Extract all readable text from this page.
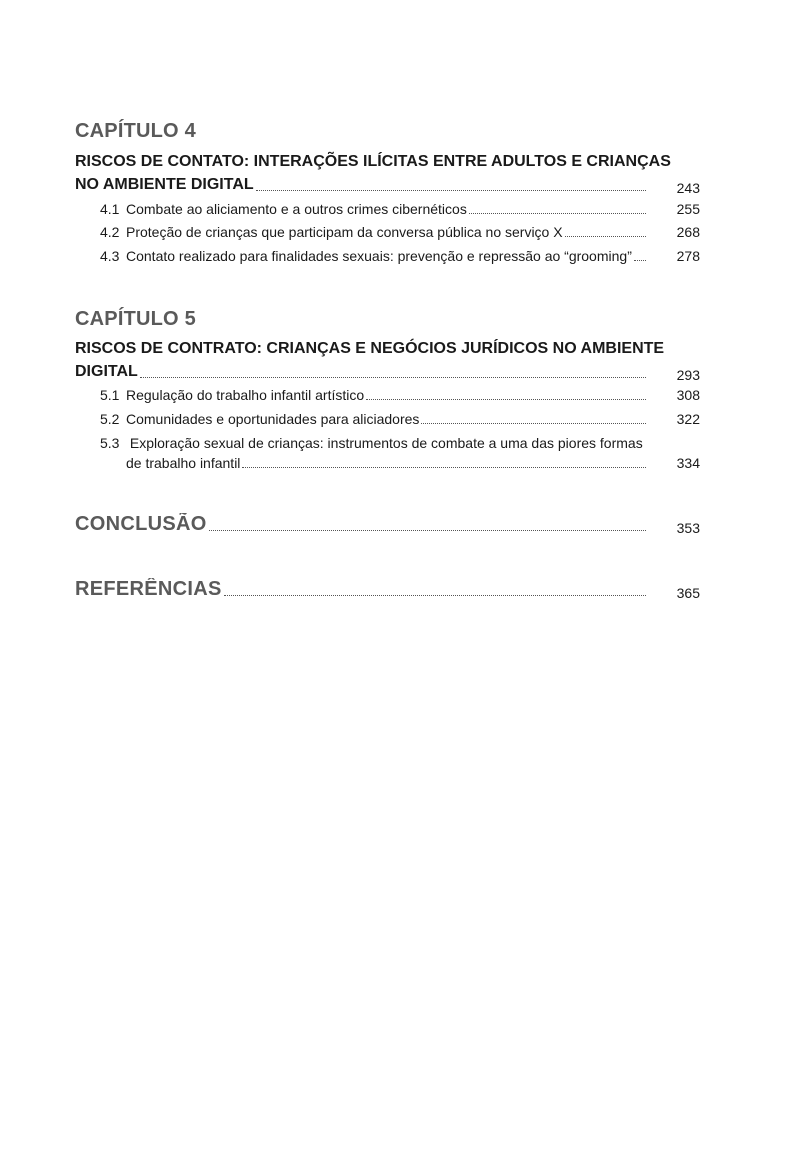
CAPÍTULO 4
RISCOS DE CONTATO: INTERAÇÕES ILÍCITAS ENTRE ADULTOS E CRIANÇAS
NO AMBIENTE DIGITAL	243
4.1 Combate ao aliciamento e a outros crimes cibernéticos	255
4.2 Proteção de crianças que participam da conversa pública no serviço X	268
4.3 Contato realizado para finalidades sexuais: prevenção e repressão ao “grooming”	278
CAPÍTULO 5
RISCOS DE CONTRATO: CRIANÇAS E NEGÓCIOS JURÍDICOS NO AMBIENTE
DIGITAL	293
5.1 Regulação do trabalho infantil artístico	308
5.2 Comunidades e oportunidades para aliciadores	322
5.3 Exploração sexual de crianças: instrumentos de combate a uma das piores formas
de trabalho infantil	334
CONCLUSÃO	353
REFERÊNCIAS	365
